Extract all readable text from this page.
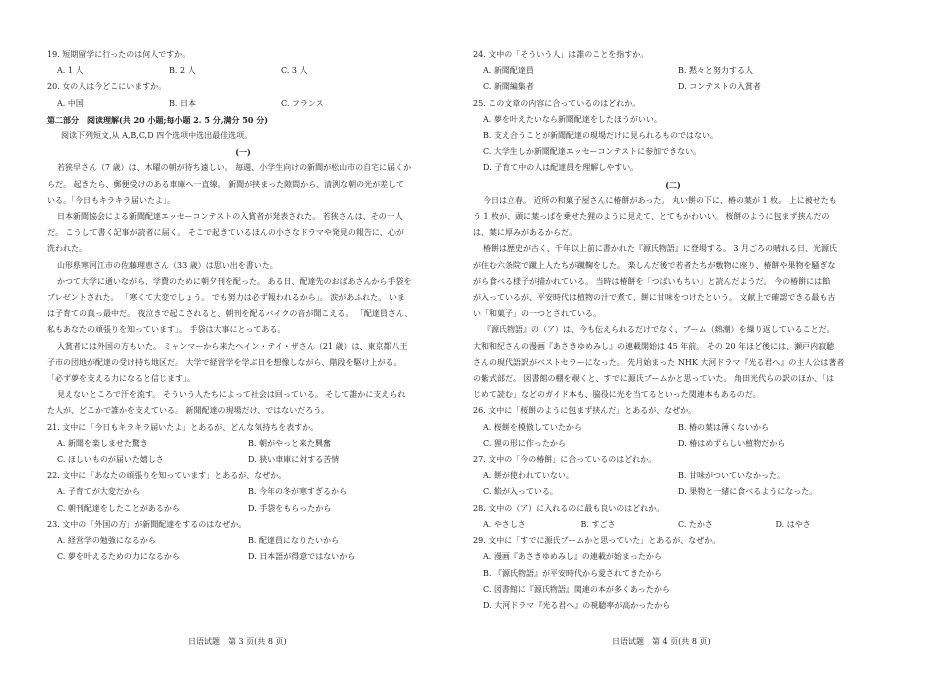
19. 短期留学に行ったのは何人ですか。
A. 1 人	B. 2 人	C. 3 人
20. 女の人は今どこにいますか。
A. 中国	B. 日本	C. フランス
第二部分　阅读理解(共 20 小题;每小题 2. 5 分,满分 50 分)
阅读下列短文,从 A,B,C,D 四个选项中选出最佳选项。
(一)
若狭早さん（7 歳）は、木曜の朝が待ち遠しい。 毎週、小学生向けの新聞が松山市の自宅に届くか
らだ。 起きたら、郵便受けのある車庫へ一直線。 新聞が挟まった隙間から、清洌な朝の光が差して
いる。「今日もキラキラ届いたよ」。
日本新聞協会による新聞配達エッセーコンテストの入賞者が発表された。 若狭さんは、その一人
だ。 こうして書く記事が読者に届く。 そこで起きているほんの小さなドラマや発見の報告に、心が
洗われた。
山形県寒河江市の佐藤理恵さん（33 歳）は思い出を書いた。
かつて大学に通いながら、学費のために朝夕刊を配った。 ある日、配達先のおばあさんから手袋を
プレゼントされた。 「寒くて大変でしょう。 でも努力は必ず報われるから」。 涙があふれた。 いま
は子育ての真っ最中だ。 夜泣きで起こされると、朝刊を配るバイクの音が聞こえる。 「配達員さん、
私もあなたの頑張りを知っています」。 手袋は大事にとってある。
入賞者には外国の方もいた。 ミャンマーから来たヘイン・テイ・ザさん（21 歳）は、東京都八王
子市の団地が配達の受け持ち地区だ。 大学で経営学を学ぶ日を想像しながら、階段を駆け上がる。
「必ず夢を支える力になると信じます」。
見えないところで汗を流す。 そういう人たちによって社会は回っている。 そして誰かに支えられ
た人が、どこかで誰かを支えている。 新聞配達の現場だけ、ではないだろう。
21. 文中に「今日もキラキラ届いたよ」とあるが、どんな気持ちを表すか。
A. 新聞を楽しませた驚き	B. 朝がやっと来た興奮
C. ほしいものが届いた嬉しさ	D. 狭い車庫に対する苦情
22. 文中に「あなたの頑張りを知っています」とあるが、なぜか。
A. 子育てが大変だから	B. 今年の冬が寒すぎるから
C. 朝刊配達をしたことがあるから	D. 手袋をもらったから
23. 文中の「外国の方」が新聞配達をするのはなぜか。
A. 経営学の勉強になるから	B. 配達員になりたいから
C. 夢を叶えるための力になるから	D. 日本語が得意ではないから
24. 文中の「そういう人」は誰のことを指すか。
A. 新聞配達員	B. 黙々と努力する人
C. 新聞編集者	D. コンテストの入賞者
25. この文章の内容に合っているのはどれか。
A. 夢を叶えたいなら新聞配達をしたほうがいい。
B. 支え合うことが新聞配達の現場だけに見られるものではない。
C. 大学生しか新聞配達エッセーコンテストに参加できない。
D. 子育て中の人は配達員を理解しやすい。
(二)
今日は立春。 近所の和菓子屋さんに椿餅があった。 丸い餅の下に、椿の葉が 1 枚。 上に被せたも
う 1 枚が、頭に葉っぱを乗せた狸のように見えて、とてもかわいい。 桜餅のように包まず挟んだの
は、葉に厚みがあるからだ。
椿餅は歴史が古く、千年以上前に書かれた『源氏物語』に登場する。 3 月ごろの晴れる日、光源氏
が住む六条院で蹴上人たちが蹴鞠をした。 楽しんだ後で若者たちが敷物に座り、椿餅や果物を騒ぎな
がら食べる様子が描かれている。 当時は椿餅を「つばいもちい」と読んだようだ。 今の椿餅には餡
が入っているが、平安時代は植物の汁で煮て、餅に甘味をつけたという。 文献上で確認できる最も古
い「和菓子」の一つとされている。
『源氏物語』の（ア）は、今も伝えられるだけでなく、ブーム（熱潮）を繰り返していることだ。
大和和紀さんの漫画『あさきゆめみし』の連載開始は 45 年前。 その 20 年ほど後には、瀬戸内寂聴
さんの現代語訳がベストセラーになった。 先月始まった NHK 大河ドラマ『光る君へ』の主人公は著者
の紫式部だ。 図書館の棚を覗くと、すでに源氏ブームかと思っていた。 角田光代らの訳のほか、「は
じめて読む」などのガイド本も、脇役に光を当てるといった関連本もあるのだ。
26. 文中に「桜餅のように包まず挟んだ」とあるが、なぜか。
A. 桜餅を模倣していたから	B. 椿の葉は薄くないから
C. 狸の形に作ったから	D. 椿はめずらしい植物だから
27. 文中の「今の椿餅」に合っているのはどれか。
A. 餅が使われていない。	B. 甘味がついていなかった。
C. 餡が入っている。	D. 果物と一緒に食べるようになった。
28. 文中の（ア）に入れるのに最も良いのはどれか。
A. やさしさ	B. すごさ	C. たかさ	D. はやさ
29. 文中に「すでに源氏ブームかと思っていた」とあるが、なぜか。
A. 漫画『あさきゆめみし』の連載が始まったから
B. 『源氏物語』が平安時代から愛されてきたから
C. 図書館に『源氏物語』関連の本が多くあったから
D. 大河ドラマ『光る君へ』の視聴率が高かったから
日语试题　第 3 页(共 8 页)	日语试题　第 4 页(共 8 页)
